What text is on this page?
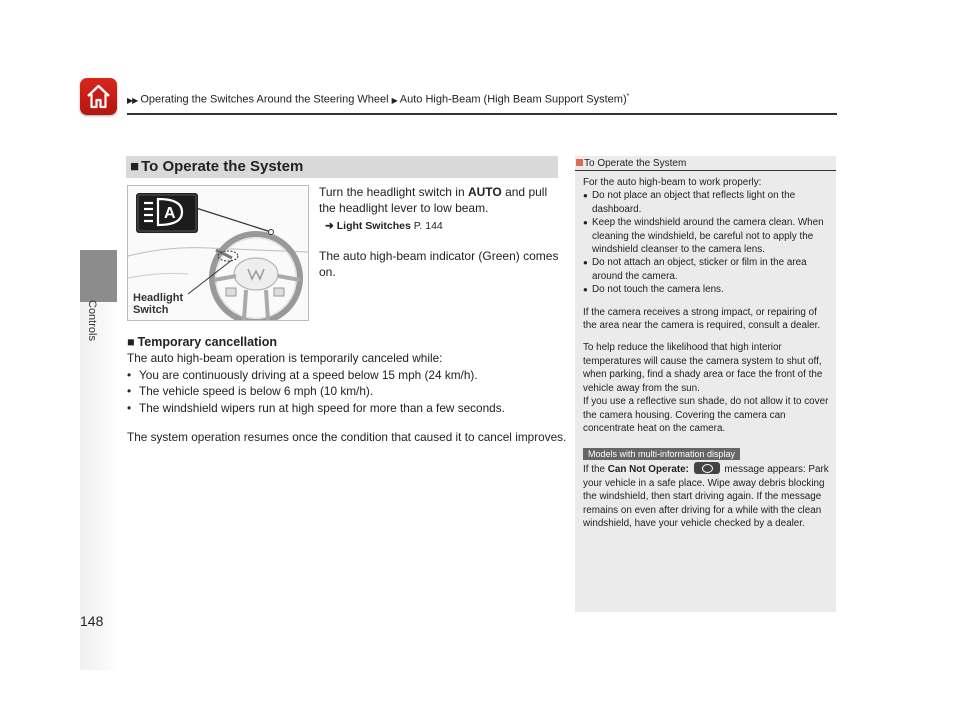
▶▶ Operating the Switches Around the Steering Wheel ▶ Auto High-Beam (High Beam Support System)*
Controls
148
■ To Operate the System
A
Headlight
Switch
Turn the headlight switch in AUTO and pull the headlight lever to low beam.
➜ Light Switches P. 144
The auto high-beam indicator (Green) comes on.
■ Temporary cancellation
The auto high-beam operation is temporarily canceled while:
• You are continuously driving at a speed below 15 mph (24 km/h).
• The vehicle speed is below 6 mph (10 km/h).
• The windshield wipers run at high speed for more than a few seconds.
The system operation resumes once the condition that caused it to cancel improves.
To Operate the System
For the auto high-beam to work properly:
● Do not place an object that reflects light on the dashboard.
● Keep the windshield around the camera clean. When cleaning the windshield, be careful not to apply the windshield cleanser to the camera lens.
● Do not attach an object, sticker or film in the area around the camera.
● Do not touch the camera lens.

If the camera receives a strong impact, or repairing of the area near the camera is required, consult a dealer.

To help reduce the likelihood that high interior temperatures will cause the camera system to shut off, when parking, find a shady area or face the front of the vehicle away from the sun.

If you use a reflective sun shade, do not allow it to cover the camera housing. Covering the camera can concentrate heat on the camera.

Models with multi-information display

If the Can Not Operate:	message appears: Park your vehicle in a safe place. Wipe away debris blocking the windshield, then start driving again. If the message remains on even after driving for a while with the clean windshield, have your vehicle checked by a dealer.
